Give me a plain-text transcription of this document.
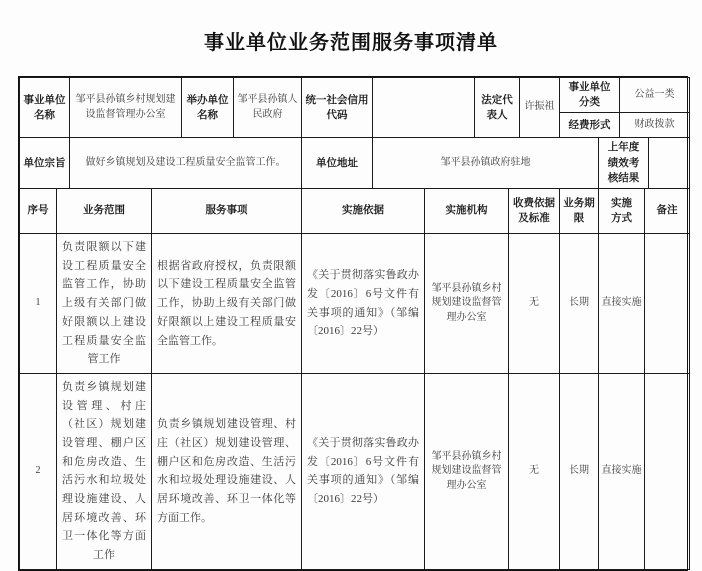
事业单位业务范围服务事项清单
事业单位名称	邹平县孙镇乡村规划建设监督管理办公室	举办单位名称	邹平县孙镇人民政府	统一社会信用代码		法定代表人	许振祖	事业单位分类	公益一类
								经费形式	财政拨款
单位宗旨	做好乡镇规划及建设工程质量安全监管工作。	单位地址	邹平县孙镇政府驻地	上年度绩效考核结果	
序号	业务范围	服务事项	实施依据	实施机构	收费依据及标准	业务期限	实施方式	备注
1	负责限额以下建设工程质量安全监管工作，协助上级有关部门做好限额以上建设工程质量安全监管工作	根据省政府授权，负责限额以下建设工程质量安全监管工作，协助上级有关部门做好限额以上建设工程质量安全监管工作。	《关于贯彻落实鲁政办发〔2016〕6号文件有关事项的通知》（邹编〔2016〕22号）	邹平县孙镇乡村规划建设监督管理办公室	无	长期	直接实施	
2	负责乡镇规划建设管理、村庄（社区）规划建设管理、棚户区和危房改造、生活污水和垃圾处理设施建设、人居环境改善、环卫一体化等方面工作	负责乡镇规划建设管理、村庄（社区）规划建设管理、棚户区和危房改造、生活污水和垃圾处理设施建设、人居环境改善、环卫一体化等方面工作。	《关于贯彻落实鲁政办发〔2016〕6号文件有关事项的通知》（邹编〔2016〕22号）	邹平县孙镇乡村规划建设监督管理办公室	无	长期	直接实施	
